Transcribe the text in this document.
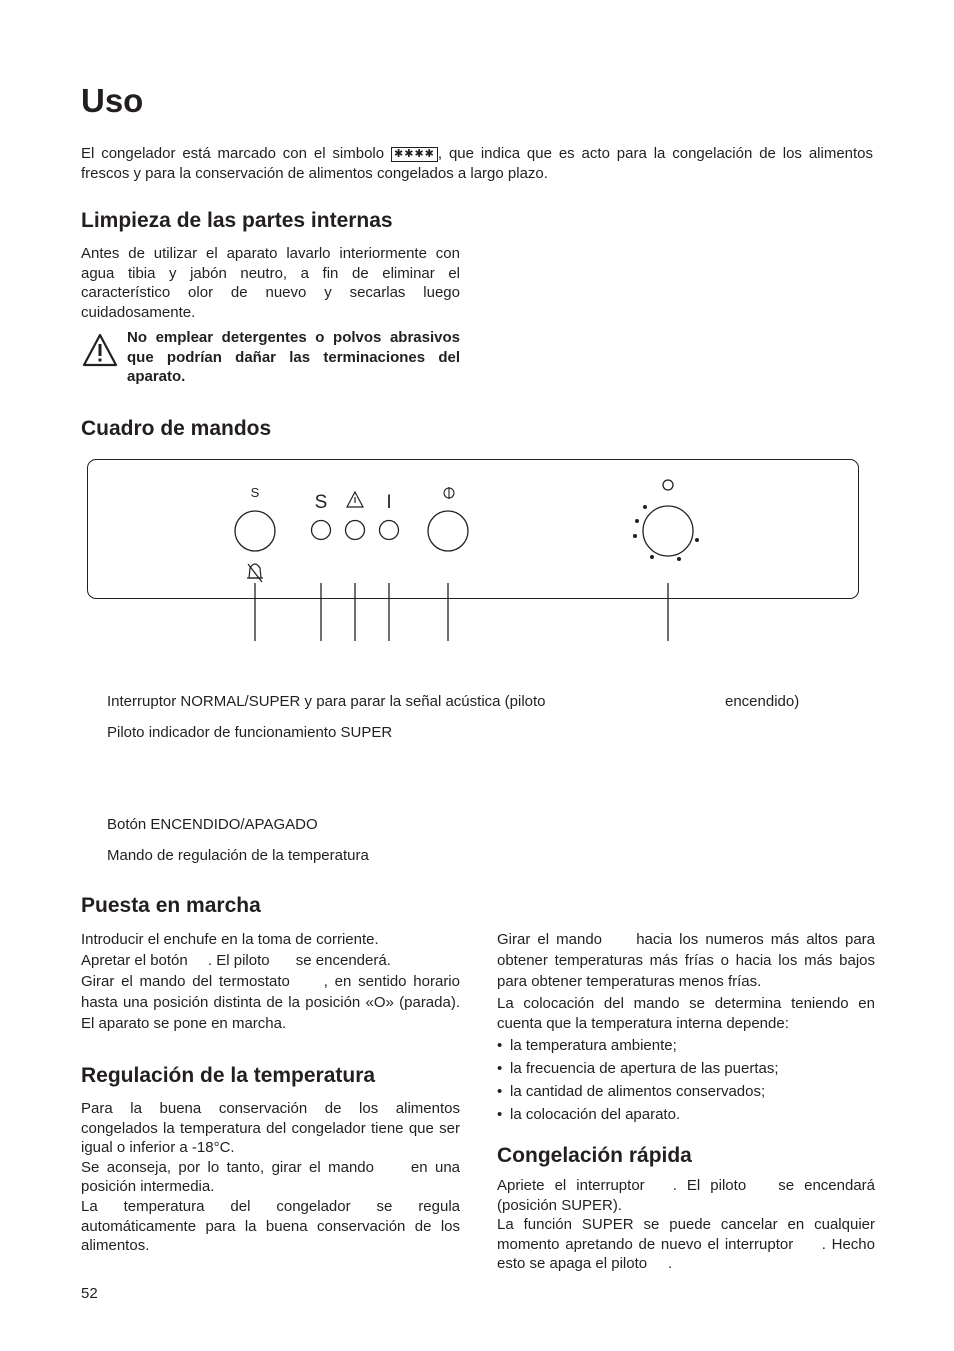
Uso

El congelador está marcado con el simbolo ✱✱✱✱ , que indica que es acto para la congelación de los alimentos frescos y para la conservación de alimentos congelados a largo plazo.

Limpieza de las partes internas

Antes de utilizar el aparato lavarlo interiormente con agua tibia y jabón neutro, a fin de eliminar el característico olor de nuevo y secarlas luego cuidadosamente.

No emplear detergentes o polvos abrasivos que podrían dañar las terminaciones del aparato.

Cuadro de mandos
S	S	I
Interruptor NORMAL/SUPER y para parar la señal acústica (piloto	encendido)
Piloto indicador de funcionamiento SUPER
Botón ENCENDIDO/APAGADO
Mando de regulación de la temperatura
Puesta en marcha

Introducir el enchufe en la toma de corriente.

Apretar el botón . El piloto se encenderá.

Girar el mando del termostato     , en sentido horario hasta una posición distinta de la posición «O» (parada). El aparato se pone en marcha.

Regulación de la temperatura

Para la buena conservación de los alimentos congelados la temperatura del congelador tiene que ser igual o inferior a -18°C.

Se aconseja, por lo tanto, girar el mando en una posición intermedia.

La temperatura del congelador se regula automáticamente para la buena conservación de los alimentos.

Girar el mando hacia los numeros más altos para obtener temperaturas más frías o hacia los más bajos para obtener temperaturas menos frías.

La colocación del mando se determina teniendo en cuenta que la temperatura interna depende:

• la temperatura ambiente;
• la frecuencia de apertura de las puertas;
• la cantidad de alimentos conservados;
• la colocación del aparato.
Congelación rápida

Apriete el interruptor . El piloto se encendará (posición SUPER).

La función SUPER se puede cancelar en cualquier momento apretando de nuevo el interruptor     . Hecho esto se apaga el piloto     .

52
